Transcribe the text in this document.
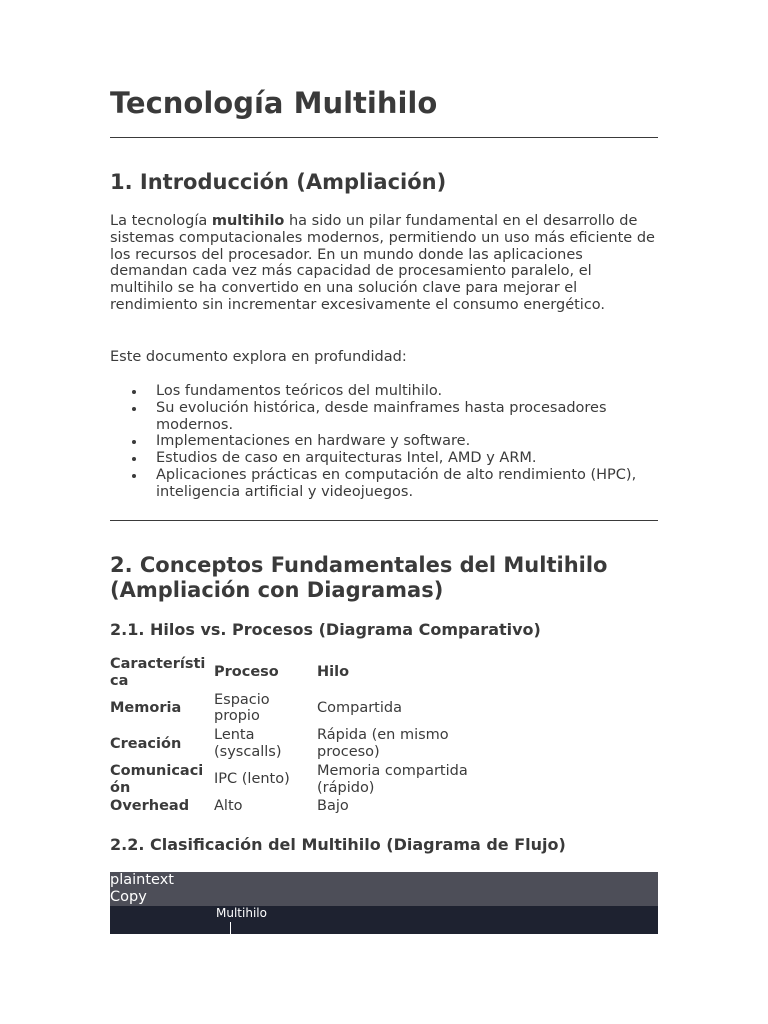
Tecnología Multihilo
1. Introducción (Ampliación)

La tecnología multihilo ha sido un pilar fundamental en el desarrollo de sistemas computacionales modernos, permitiendo un uso más eficiente de los recursos del procesador. En un mundo donde las aplicaciones demandan cada vez más capacidad de procesamiento paralelo, el multihilo se ha convertido en una solución clave para mejorar el rendimiento sin incrementar excesivamente el consumo energético.

Este documento explora en profundidad:

Los fundamentos teóricos del multihilo.
Su evolución histórica, desde mainframes hasta procesadores modernos.
Implementaciones en hardware y software.
Estudios de caso en arquitecturas Intel, AMD y ARM.
Aplicaciones prácticas en computación de alto rendimiento (HPC), inteligencia artificial y videojuegos.
2. Conceptos Fundamentales del Multihilo (Ampliación con Diagramas)
2.1. Hilos vs. Procesos (Diagrama Comparativo)
Característica	Proceso	Hilo
Memoria	Espacio propio	Compartida
Creación	Lenta (syscalls)	Rápida (en mismo proceso)
Comunicación	IPC (lento)	Memoria compartida (rápido)
Overhead	Alto	Bajo
2.2. Clasificación del Multihilo (Diagrama de Flujo)
plaintext
Copy
Multihilo
